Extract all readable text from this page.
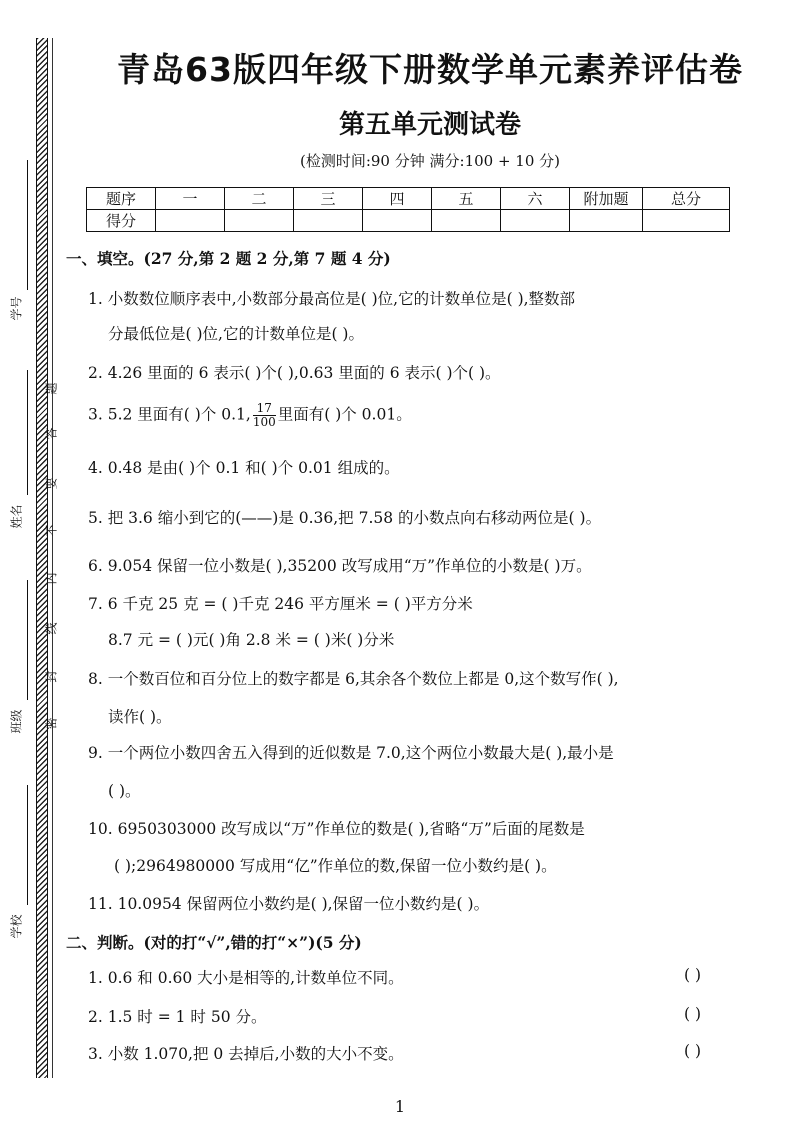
题
答
要
不
内
线
封
密
学号
姓名
班级
学校
青岛63版四年级下册数学单元素养评估卷
第五单元测试卷
(检测时间:90 分钟 满分:100 + 10 分)
题序	一	二	三	四	五	六	附加题	总分
得分								
一、填空。(27 分,第 2 题 2 分,第 7 题 4 分)
1. 小数数位顺序表中,小数部分最高位是( )位,它的计数单位是( ),整数部
分最低位是( )位,它的计数单位是( )。
2. 4.26 里面的 6 表示( )个( ),0.63 里面的 6 表示( )个( )。
3. 5.2 里面有( )个 0.1, $\frac{17}{100}$ 里面有( )个 0.01。
4. 0.48 是由( )个 0.1 和( )个 0.01 组成的。
5. 把 3.6 缩小到它的(——)是 0.36,把 7.58 的小数点向右移动两位是( )。
6. 9.054 保留一位小数是( ),35200 改写成用“万”作单位的小数是( )万。
7. 6 千克 25 克 = ( )千克 246 平方厘米 = ( )平方分米
8.7 元 = ( )元( )角 2.8 米 = ( )米( )分米
8. 一个数百位和百分位上的数字都是 6,其余各个数位上都是 0,这个数写作( ),
读作( )。
9. 一个两位小数四舍五入得到的近似数是 7.0,这个两位小数最大是( ),最小是
( )。
10. 6950303000 改写成以“万”作单位的数是( ),省略“万”后面的尾数是
( );2964980000 写成用“亿”作单位的数,保留一位小数约是( )。
11. 10.0954 保留两位小数约是( ),保留一位小数约是( )。
二、判断。(对的打“√”,错的打“×”)(5 分)
1. 0.6 和 0.60 大小是相等的,计数单位不同。	( )
2. 1.5 时 = 1 时 50 分。	( )
3. 小数 1.070,把 0 去掉后,小数的大小不变。	( )
1
